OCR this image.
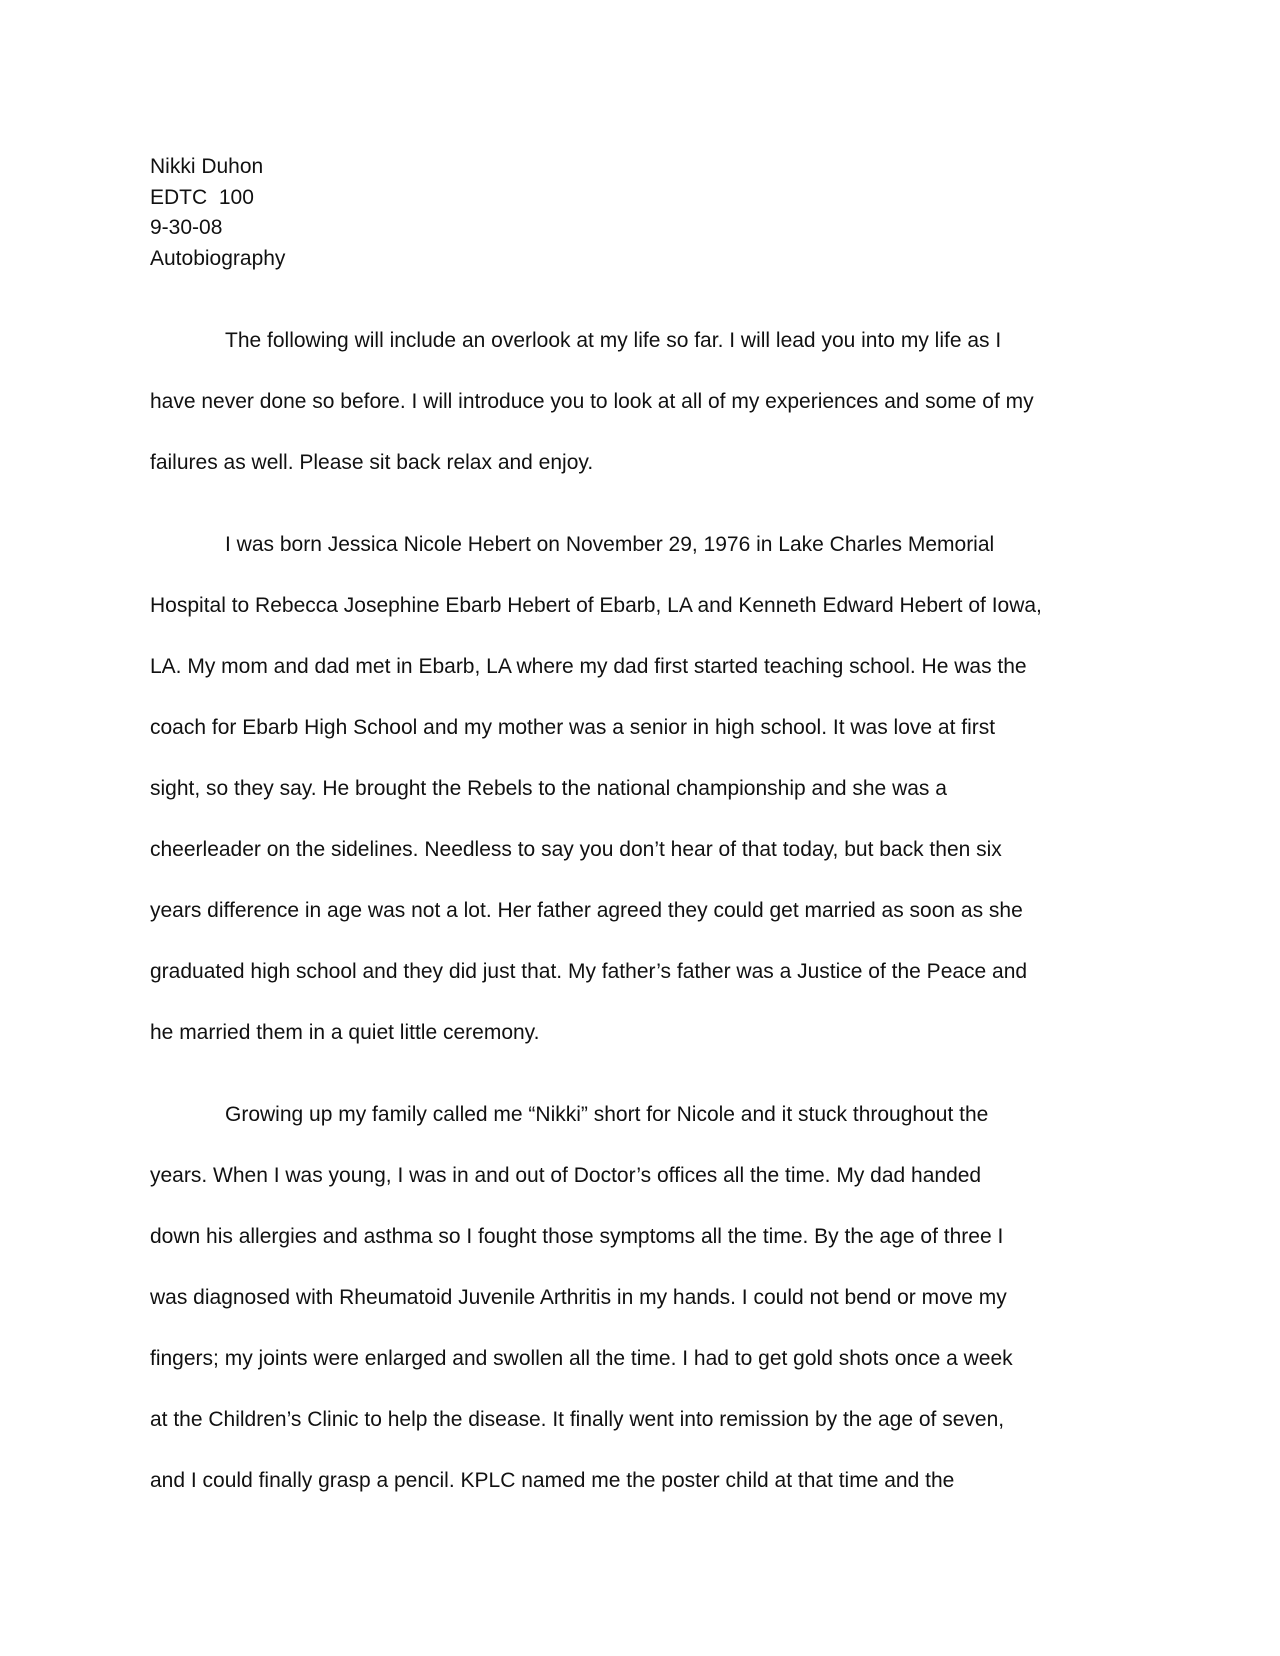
Nikki Duhon
EDTC  100
9-30-08
Autobiography
The following will include an overlook at my life so far. I will lead you into my life as I
have never done so before. I will introduce you to look at all of my experiences and some of my
failures as well. Please sit back relax and enjoy.
I was born Jessica Nicole Hebert on November 29, 1976 in Lake Charles Memorial
Hospital to Rebecca Josephine Ebarb Hebert of Ebarb, LA and Kenneth Edward Hebert of Iowa,
LA. My mom and dad met in Ebarb, LA where my dad first started teaching school. He was the
coach for Ebarb High School and my mother was a senior in high school. It was love at first
sight, so they say. He brought the Rebels to the national championship and she was a
cheerleader on the sidelines. Needless to say you don’t hear of that today, but back then six
years difference in age was not a lot. Her father agreed they could get married as soon as she
graduated high school and they did just that. My father’s father was a Justice of the Peace and
he married them in a quiet little ceremony.
Growing up my family called me “Nikki” short for Nicole and it stuck throughout the
years. When I was young, I was in and out of Doctor’s offices all the time. My dad handed
down his allergies and asthma so I fought those symptoms all the time. By the age of three I
was diagnosed with Rheumatoid Juvenile Arthritis in my hands. I could not bend or move my
fingers; my joints were enlarged and swollen all the time. I had to get gold shots once a week
at the Children’s Clinic to help the disease. It finally went into remission by the age of seven,
and I could finally grasp a pencil. KPLC named me the poster child at that time and the
